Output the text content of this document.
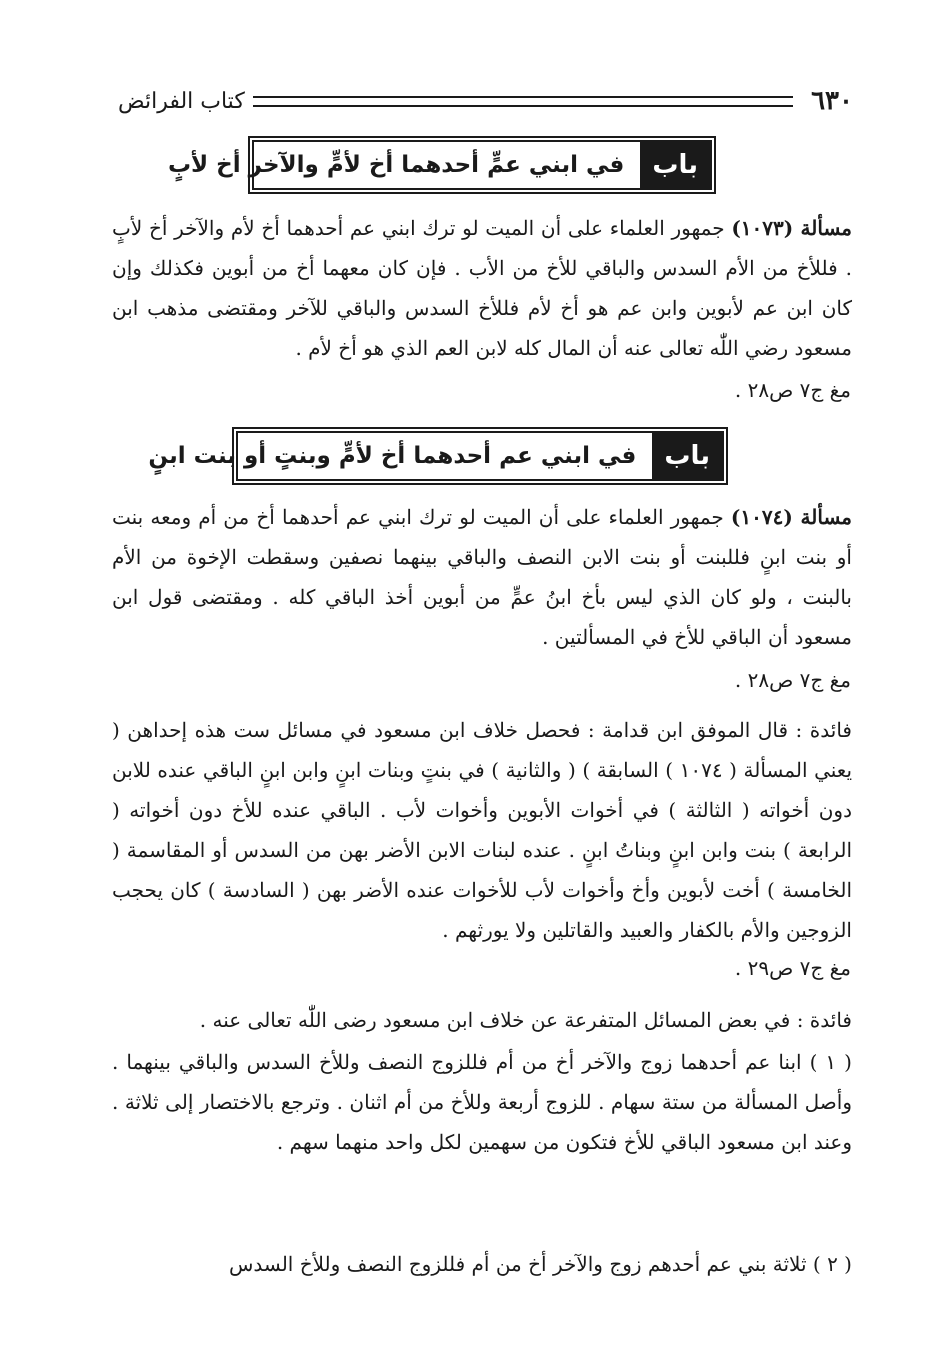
٦٣٠
كتاب الفرائض
باب
في ابني عمٍّ أحدهما أخ لأمٍّ والآخر أخ لأبٍ

مسألة (١٠٧٣) جمهور العلماء على أن الميت لو ترك ابني عم أحدهما أخ لأم والآخر أخ لأبٍ . فللأخ من الأم السدس والباقي للأخ من الأب . فإن كان معهما أخ من أبوين فكذلك وإن كان ابن عم لأبوين وابن عم هو أخ لأم فللأخ السدس والباقي للآخر ومقتضى مذهب ابن مسعود رضي اللّٰه تعالى عنه أن المال كله لابن العم الذي هو أخ لأم .

مغ ج٧ ص٢٨ .
باب
في ابني عم أحدهما أخ لأمٍّ وبنتٍ أو بنت ابنٍ

مسألة (١٠٧٤) جمهور العلماء على أن الميت لو ترك ابني عم أحدهما أخ من أم ومعه بنت أو بنت ابنٍ فللبنت أو بنت الابن النصف والباقي بينهما نصفين وسقطت الإخوة من الأم بالبنت ، ولو كان الذي ليس بأخ ابنُ عمٍّ من أبوين أخذ الباقي كله . ومقتضى قول ابن مسعود أن الباقي للأخ في المسألتين .

مغ ج٧ ص٢٨ .

فائدة : قال الموفق ابن قدامة : فحصل خلاف ابن مسعود في مسائل ست هذه إحداهن ( يعني المسألة ( ١٠٧٤ ) السابقة ) ( والثانية ) في بنتٍ وبنات ابنٍ وابن ابنٍ الباقي عنده للابن دون أخواته ( الثالثة ) في أخوات الأبوين وأخوات لأب . الباقي عنده للأخ دون أخواته ( الرابعة ) بنت وابن ابنٍ وبناتُ ابنٍ . عنده لبنات الابن الأضر بهن من السدس أو المقاسمة ( الخامسة ) أخت لأبوين وأخ وأخوات لأب للأخوات عنده الأضر بهن ( السادسة ) كان يحجب الزوجين والأم بالكفار والعبيد والقاتلين ولا يورثهم .

مغ ج٧ ص٢٩ .

فائدة : في بعض المسائل المتفرعة عن خلاف ابن مسعود رضى اللّٰه تعالى عنه .

( ١ ) ابنا عم أحدهما زوج والآخر أخ من أم فللزوج النصف وللأخ السدس والباقي بينهما . وأصل المسألة من ستة سهام . للزوج أربعة وللأخ من أم اثنان . وترجع بالاختصار إلى ثلاثة . وعند ابن مسعود الباقي للأخ فتكون من سهمين لكل واحد منهما سهم .

( ٢ ) ثلاثة بني عم أحدهم زوج والآخر أخ من أم فللزوج النصف وللأخ السدس
